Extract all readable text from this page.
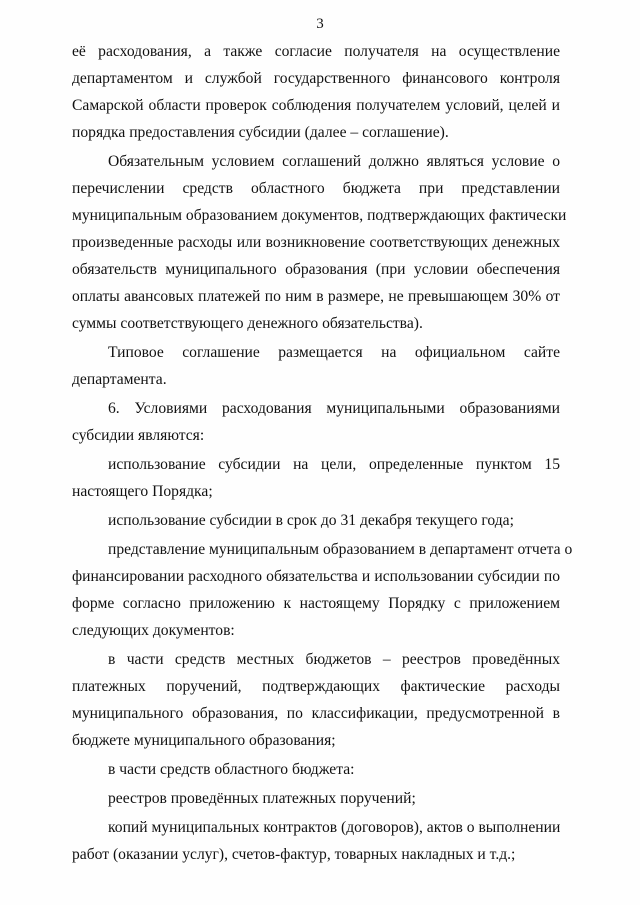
3
её расходования, а также согласие получателя на осуществление
департаментом и службой государственного финансового контроля
Самарской области проверок соблюдения получателем условий, целей и
порядка предоставления субсидии (далее – соглашение).
Обязательным условием соглашений должно являться условие о
перечислении средств областного бюджета при представлении
муниципальным образованием документов, подтверждающих фактически
произведенные расходы или возникновение соответствующих денежных
обязательств муниципального образования (при условии обеспечения
оплаты авансовых платежей по ним в размере, не превышающем 30% от
суммы соответствующего денежного обязательства).
Типовое соглашение размещается на официальном сайте
департамента.
6. Условиями расходования муниципальными образованиями
субсидии являются:
использование субсидии на цели, определенные пунктом 15
настоящего Порядка;
использование субсидии в срок до 31 декабря текущего года;
представление муниципальным образованием в департамент отчета о
финансировании расходного обязательства и использовании субсидии по
форме согласно приложению к настоящему Порядку с приложением
следующих документов:
в части средств местных бюджетов – реестров проведённых
платежных поручений, подтверждающих фактические расходы
муниципального образования, по классификации, предусмотренной в
бюджете муниципального образования;
в части средств областного бюджета:
реестров проведённых платежных поручений;
копий муниципальных контрактов (договоров), актов о выполнении
работ (оказании услуг), счетов-фактур, товарных накладных и т.д.;
